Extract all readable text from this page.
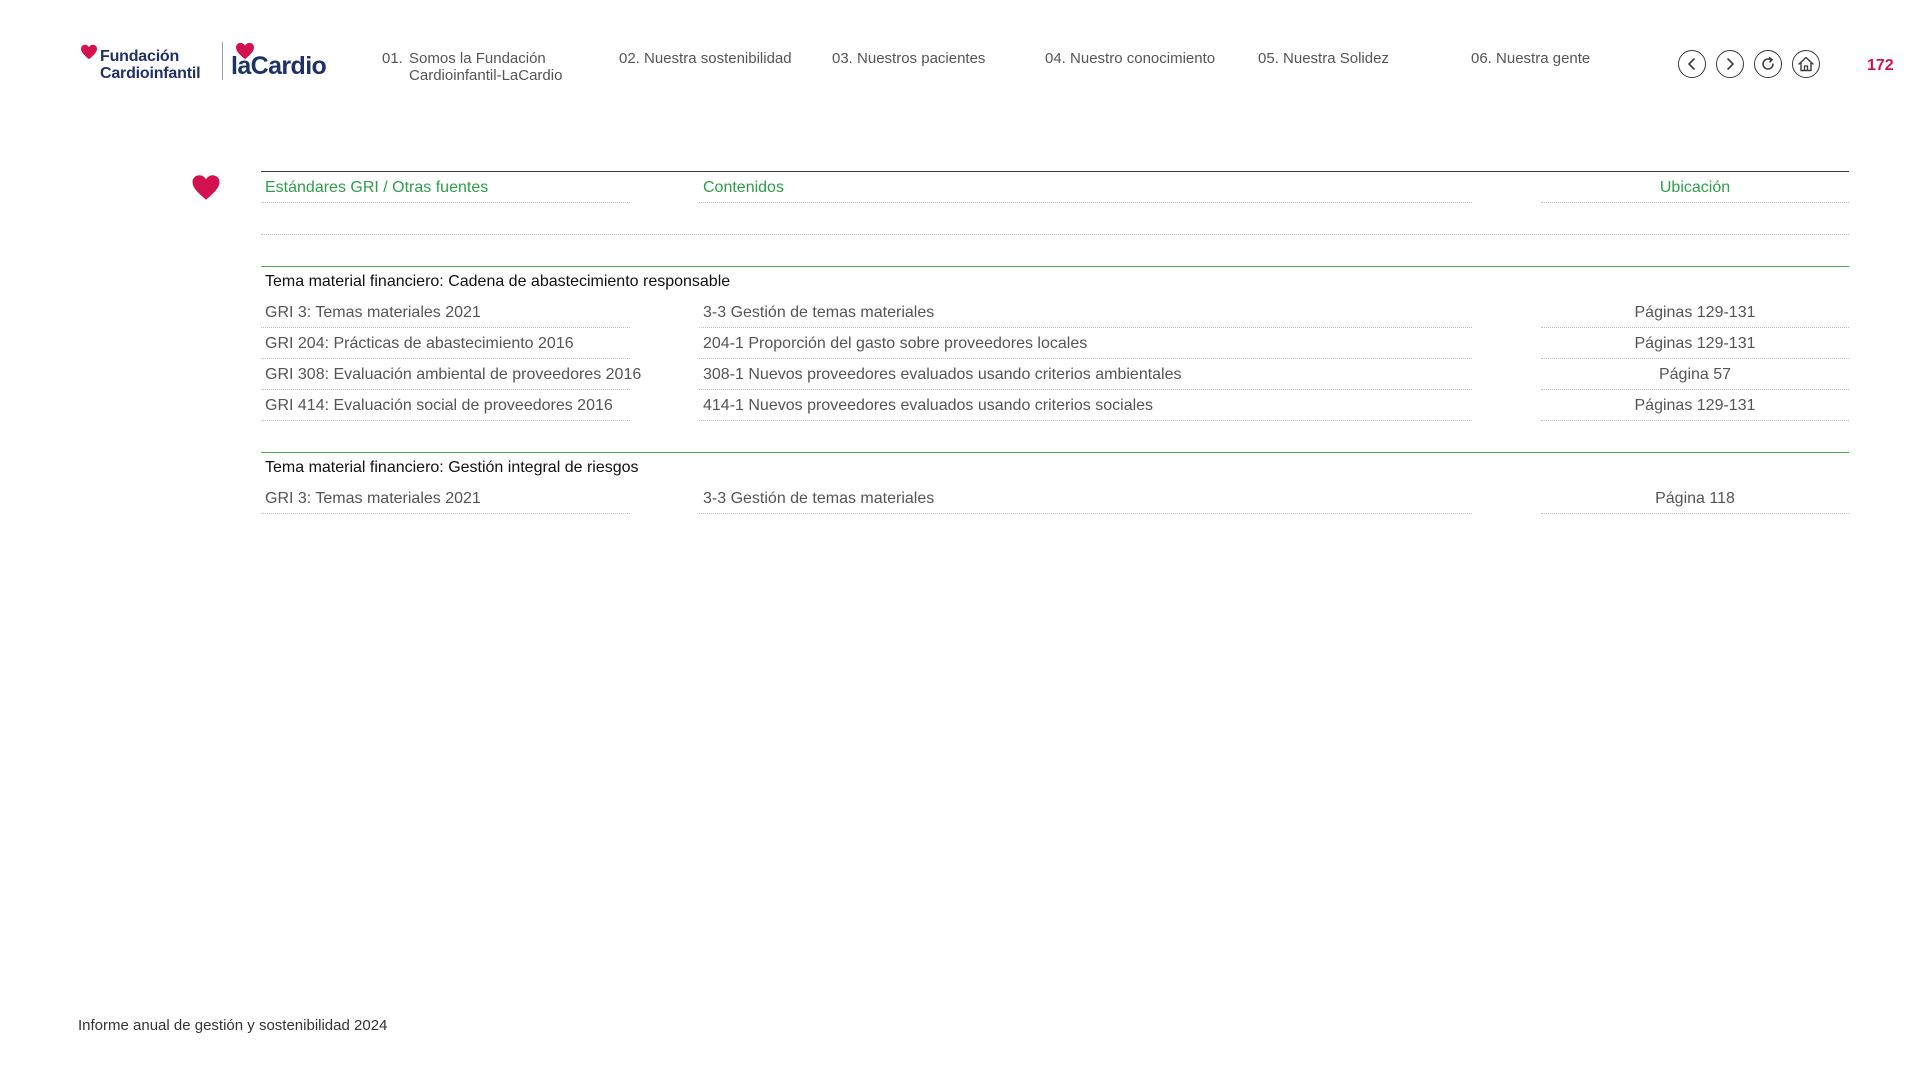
Fundación
Cardioinfantil laCardio	01. Somos la Fundación Cardioinfantil-LaCardio
02. Nuestra sostenibilidad	03. Nuestros pacientes	04. Nuestro conocimiento	05. Nuestra Solidez	06. Nuestra gente	172
Estándares GRI / Otras fuentes	Contenidos	Ubicación
Tema material financiero: Cadena de abastecimiento responsable
GRI 3: Temas materiales 2021	3-3 Gestión de temas materiales	Páginas 129-131
GRI 204: Prácticas de abastecimiento 2016	204-1 Proporción del gasto sobre proveedores locales	Páginas 129-131
GRI 308: Evaluación ambiental de proveedores 2016	308-1 Nuevos proveedores evaluados usando criterios ambientales	Página 57
GRI 414: Evaluación social de proveedores 2016	414-1 Nuevos proveedores evaluados usando criterios sociales	Páginas 129-131
Tema material financiero: Gestión integral de riesgos
GRI 3: Temas materiales 2021	3-3 Gestión de temas materiales	Página 118
Informe anual de gestión y sostenibilidad 2024
